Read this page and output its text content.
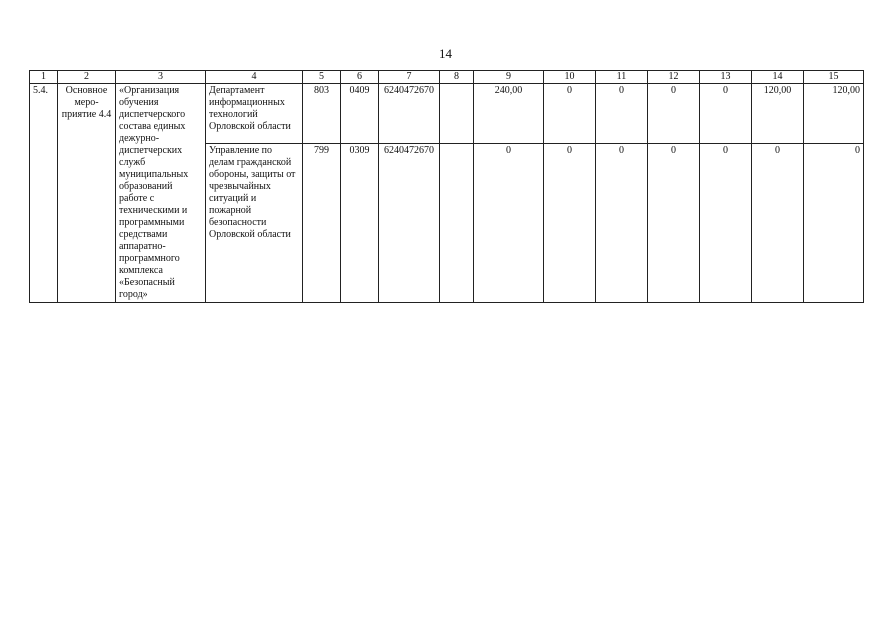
14
1	2	3	4	5	6	7	8	9	10	11	12	13	14	15
5.4.	Основное меро-приятие 4.4	«Организация обучения диспетчерского состава единых дежурно-диспетчерских служб муниципальных образований работе с техническими и программными средствами аппаратно-программного комплекса «Безопасный город»	Департамент информационных технологий Орловской области	803	0409	6240472670		240,00	0	0	0	0	120,00	120,00
			Управление по делам гражданской обороны, защиты от чрезвычайных ситуаций и пожарной безопасности Орловской области	799	0309	6240472670		0	0	0	0	0	0	0
